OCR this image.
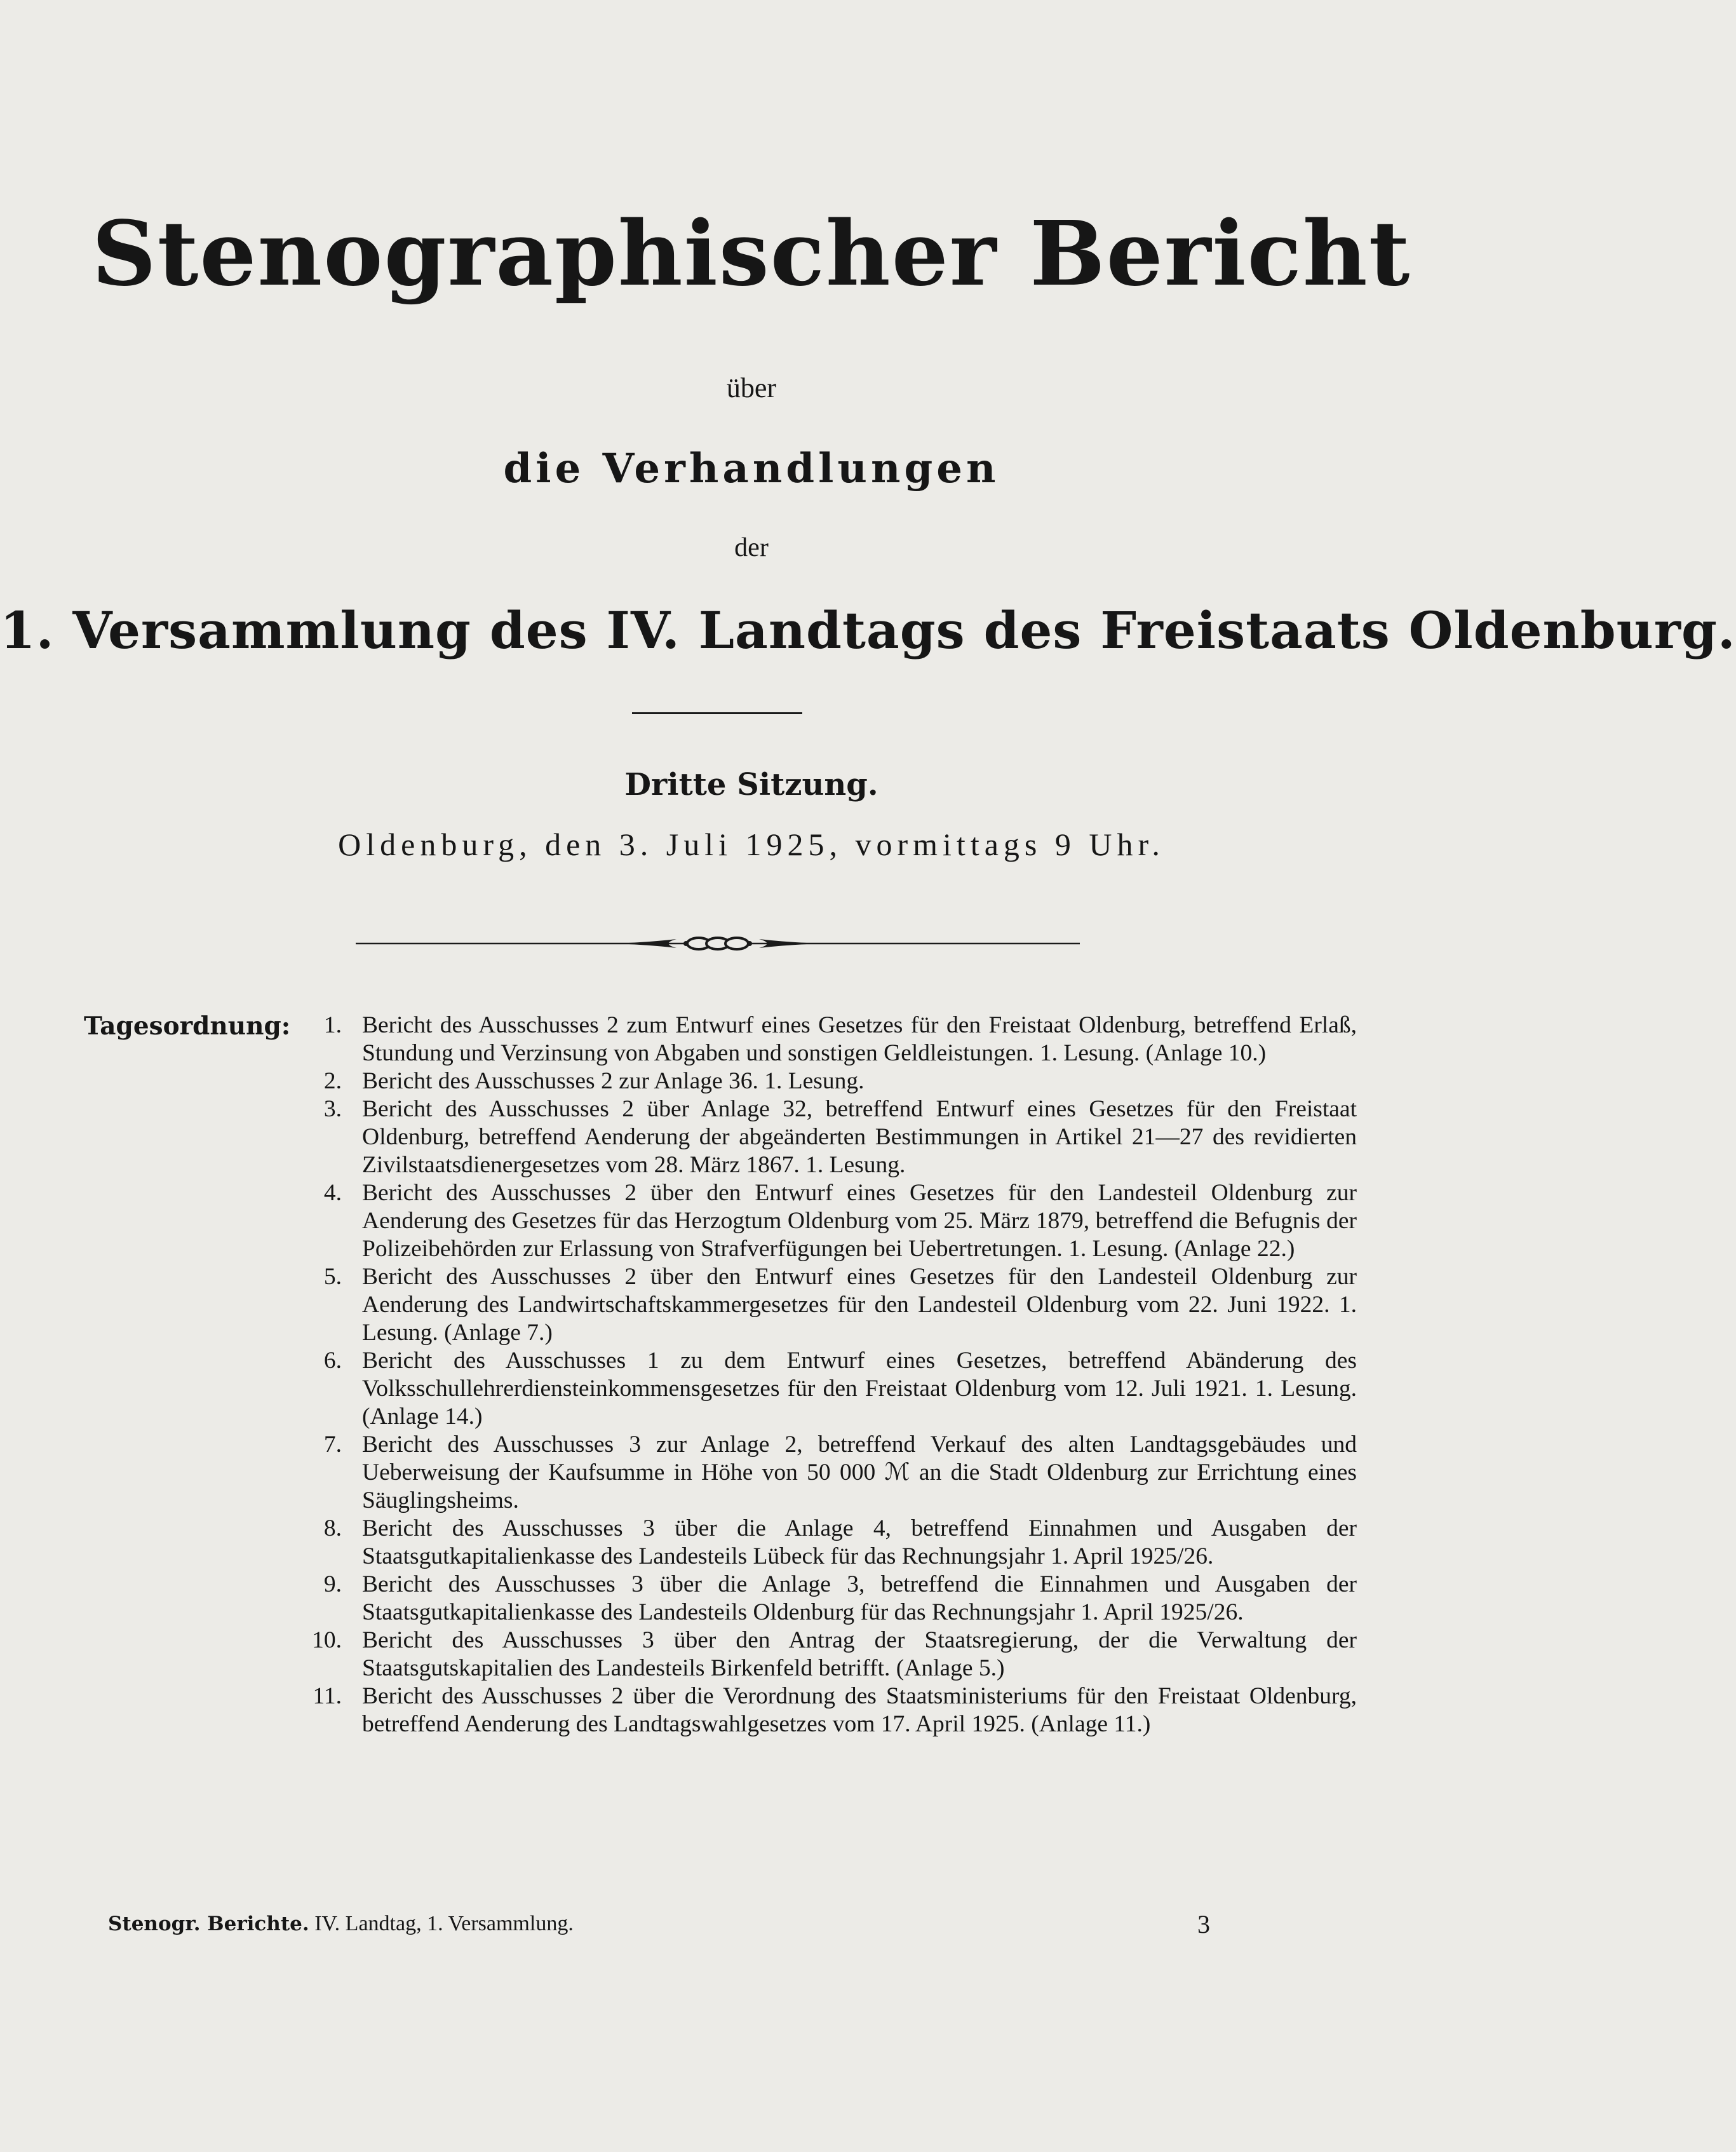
Stenographischer Bericht
über
die Verhandlungen
der
1. Versammlung des IV. Landtags des Freistaats Oldenburg.
Dritte Sitzung.
Oldenburg, den 3. Juli 1925, vormittags 9 Uhr.
Tagesordnung:	1. Bericht des Ausschusses 2 zum Entwurf eines Gesetzes für den Freistaat Oldenburg, betreffend Erlaß, Stundung und Verzinsung von Abgaben und sonstigen Geldleistungen. 1. Lesung. (Anlage 10.)
2. Bericht des Ausschusses 2 zur Anlage 36. 1. Lesung.
3. Bericht des Ausschusses 2 über Anlage 32, betreffend Entwurf eines Gesetzes für den Freistaat Oldenburg, betreffend Aenderung der abgeänderten Bestimmungen in Artikel 21—27 des revidierten Zivilstaatsdienergesetzes vom 28. März 1867. 1. Lesung.
4. Bericht des Ausschusses 2 über den Entwurf eines Gesetzes für den Landesteil Oldenburg zur Aenderung des Gesetzes für das Herzogtum Oldenburg vom 25. März 1879, betreffend die Befugnis der Polizeibehörden zur Erlassung von Strafverfügungen bei Uebertretungen. 1. Lesung. (Anlage 22.)
5. Bericht des Ausschusses 2 über den Entwurf eines Gesetzes für den Landesteil Oldenburg zur Aenderung des Landwirtschaftskammergesetzes für den Landesteil Oldenburg vom 22. Juni 1922. 1. Lesung. (Anlage 7.)
6. Bericht des Ausschusses 1 zu dem Entwurf eines Gesetzes, betreffend Abänderung des Volksschullehrerdiensteinkommensgesetzes für den Freistaat Oldenburg vom 12. Juli 1921. 1. Lesung. (Anlage 14.)
7. Bericht des Ausschusses 3 zur Anlage 2, betreffend Verkauf des alten Landtagsgebäudes und Ueberweisung der Kaufsumme in Höhe von 50 000 ℳ an die Stadt Oldenburg zur Errichtung eines Säuglingsheims.
8. Bericht des Ausschusses 3 über die Anlage 4, betreffend Einnahmen und Ausgaben der Staatsgutkapitalienkasse des Landesteils Lübeck für das Rechnungsjahr 1. April 1925/26.
9. Bericht des Ausschusses 3 über die Anlage 3, betreffend die Einnahmen und Ausgaben der Staatsgutkapitalienkasse des Landesteils Oldenburg für das Rechnungsjahr 1. April 1925/26.
10. Bericht des Ausschusses 3 über den Antrag der Staatsregierung, der die Verwaltung der Staatsgutskapitalien des Landesteils Birkenfeld betrifft. (Anlage 5.)
11. Bericht des Ausschusses 2 über die Verordnung des Staatsministeriums für den Freistaat Oldenburg, betreffend Aenderung des Landtagswahlgesetzes vom 17. April 1925. (Anlage 11.)
Stenogr. Berichte. IV. Landtag, 1. Versammlung.	3
